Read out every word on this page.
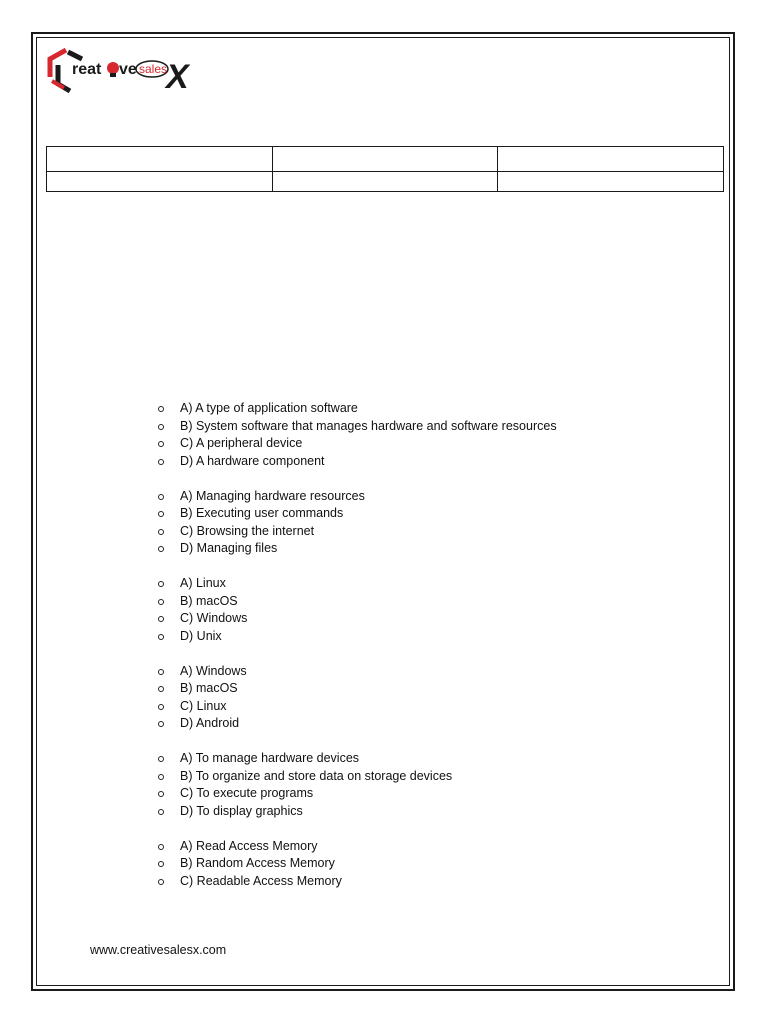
reat ve sales
X

A) A type of application software
B) System software that manages hardware and software resources
C) A peripheral device
D) A hardware component
A) Managing hardware resources
B) Executing user commands
C) Browsing the internet
D) Managing files
A) Linux
B) macOS
C) Windows
D) Unix
A) Windows
B) macOS
C) Linux
D) Android
A) To manage hardware devices
B) To organize and store data on storage devices
C) To execute programs
D) To display graphics
A) Read Access Memory
B) Random Access Memory
C) Readable Access Memory
www.creativesalesx.com
